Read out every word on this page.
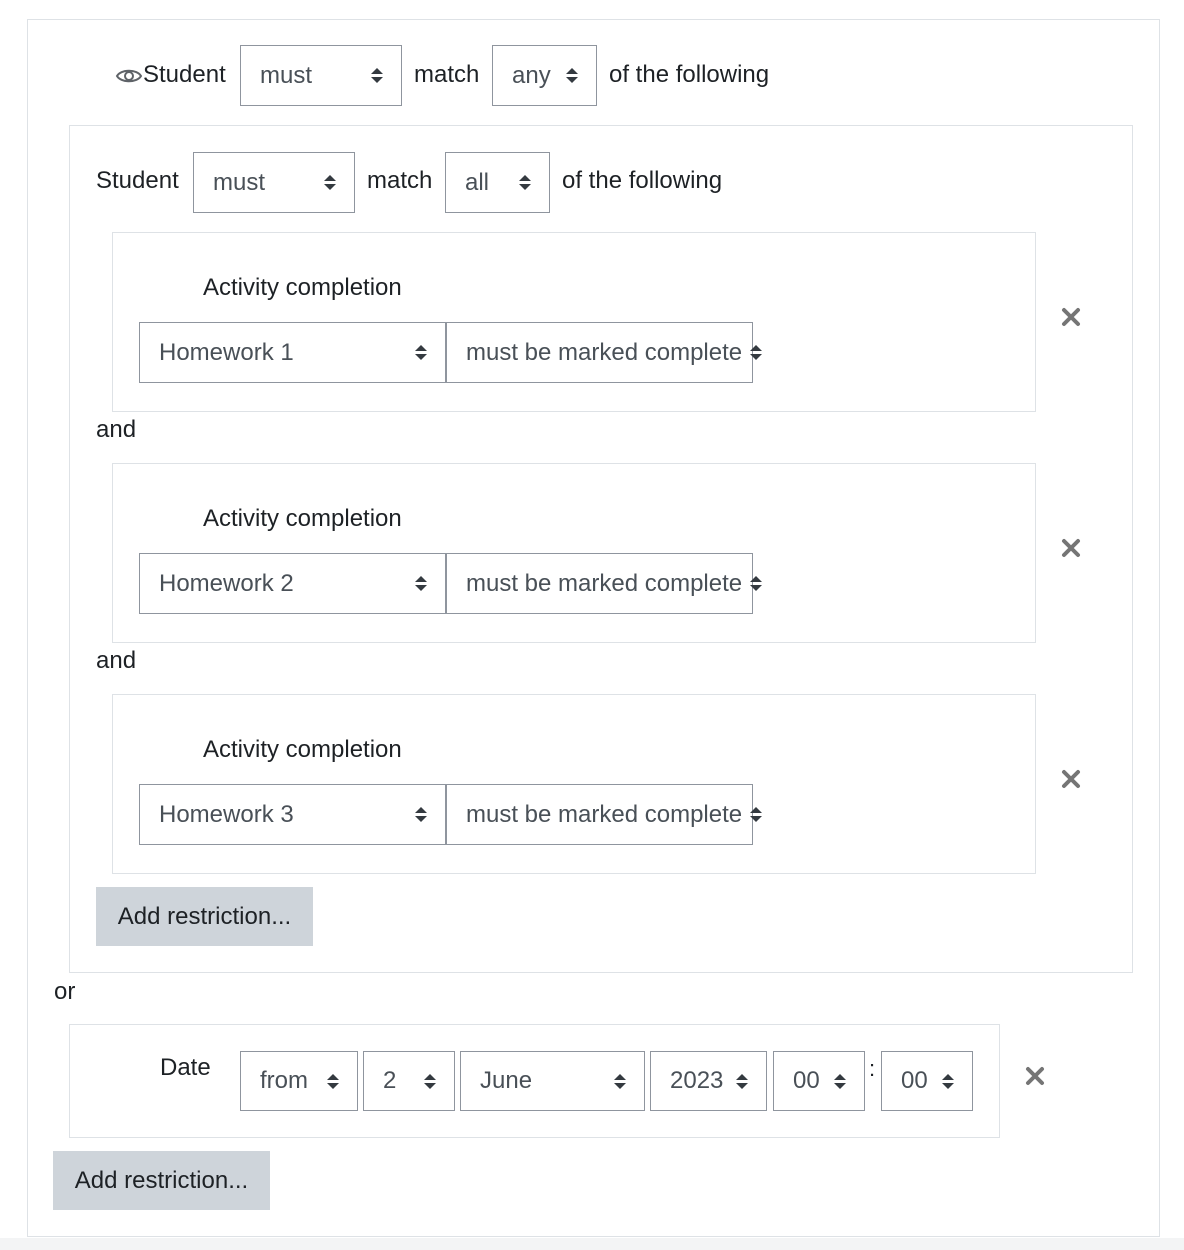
Student must	match any	of the following
Student must	match all	of the following
Activity completion
Homework 1	must be marked complete
and
Activity completion
Homework 2	must be marked complete
and
Activity completion
Homework 3	must be marked complete
Add restriction...
or
Date from	2	June	2023	00 : 00
Add restriction...
